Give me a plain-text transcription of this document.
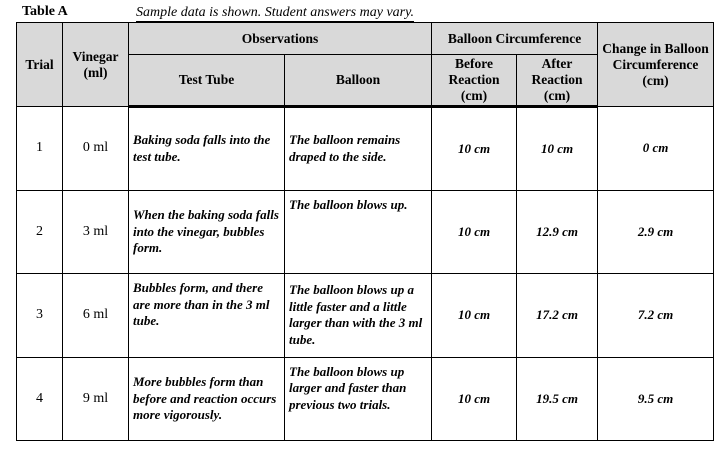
Table A	Sample data is shown. Student answers may vary.
Trial	Vinegar (ml)	Observations		Balloon Circumference		Change in Balloon Circumference (cm)
		Test Tube	Balloon	Before Reaction (cm)	After Reaction (cm)	
1	0 ml	Baking soda falls into the test tube.	The balloon remains draped to the side.	10 cm	10 cm	0 cm
2	3 ml	When the baking soda falls into the vinegar, bubbles form.	The balloon blows up.	10 cm	12.9 cm	2.9 cm
3	6 ml	Bubbles form, and there are more than in the 3 ml tube.	The balloon blows up a little faster and a little larger than with the 3 ml tube.	10 cm	17.2 cm	7.2 cm
4	9 ml	More bubbles form than before and reaction occurs more vigorously.	The balloon blows up larger and faster than previous two trials.	10 cm	19.5 cm	9.5 cm
